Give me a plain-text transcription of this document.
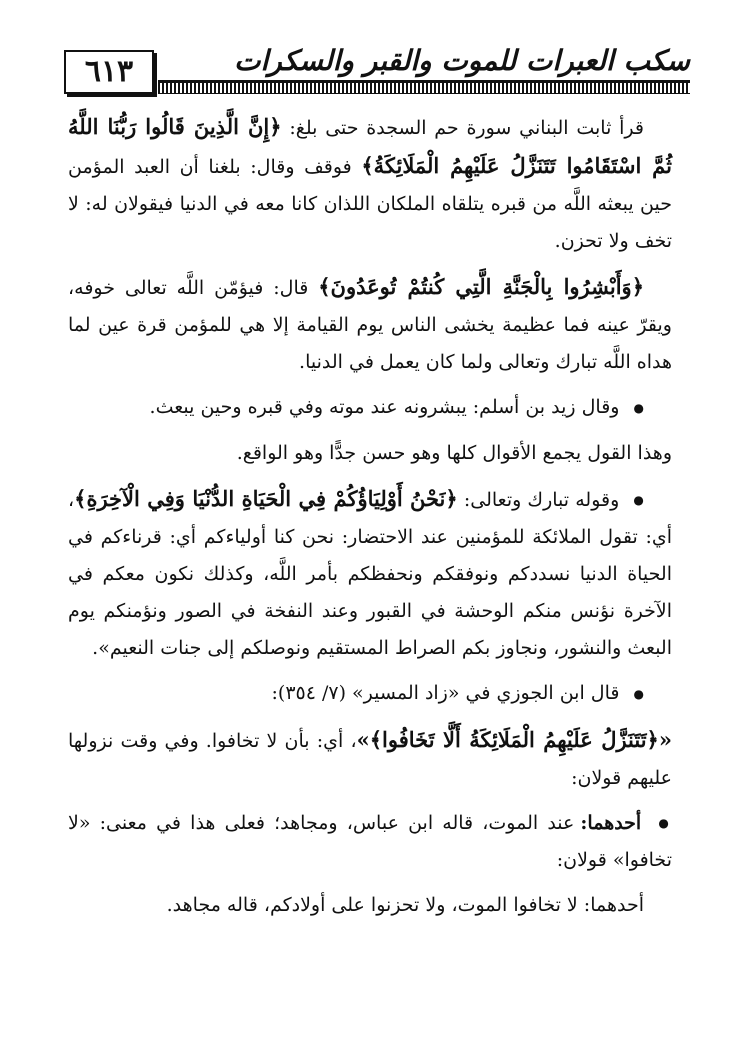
٦١٣	سكب العبرات للموت والقبر والسكرات

قرأ ثابت البناني سورة حم السجدة حتى بلغ: ﴿إِنَّ الَّذِينَ قَالُوا رَبُّنَا اللَّهُ ثُمَّ اسْتَقَامُوا تَتَنَزَّلُ عَلَيْهِمُ الْمَلَائِكَةُ﴾ فوقف وقال: بلغنا أن العبد المؤمن حين يبعثه اللَّه من قبره يتلقاه الملكان اللذان كانا معه في الدنيا فيقولان له: لا تخف ولا تحزن.

﴿وَأَبْشِرُوا بِالْجَنَّةِ الَّتِي كُنتُمْ تُوعَدُونَ﴾ قال: فيؤمّن اللَّه تعالى خوفه، ويقرّ عينه فما عظيمة يخشى الناس يوم القيامة إلا هي للمؤمن قرة عين لما هداه اللَّه تبارك وتعالى ولما كان يعمل في الدنيا.

● وقال زيد بن أسلم: يبشرونه عند موته وفي قبره وحين يبعث.

وهذا القول يجمع الأقوال كلها وهو حسن جدًّا وهو الواقع.

● وقوله تبارك وتعالى: ﴿نَحْنُ أَوْلِيَاؤُكُمْ فِي الْحَيَاةِ الدُّنْيَا وَفِي الْآخِرَةِ﴾، أي: تقول الملائكة للمؤمنين عند الاحتضار: نحن كنا أولياءكم أي: قرناءكم في الحياة الدنيا نسددكم ونوفقكم ونحفظكم بأمر اللَّه، وكذلك نكون معكم في الآخرة نؤنس منكم الوحشة في القبور وعند النفخة في الصور ونؤمنكم يوم البعث والنشور، ونجاوز بكم الصراط المستقيم ونوصلكم إلى جنات النعيم».

● قال ابن الجوزي في «زاد المسير» (٧/ ٣٥٤):

«﴿تَتَنَزَّلُ عَلَيْهِمُ الْمَلَائِكَةُ أَلَّا تَخَافُوا﴾»، أي: بأن لا تخافوا. وفي وقت نزولها عليهم قولان:

● أحدهما: عند الموت، قاله ابن عباس، ومجاهد؛ فعلى هذا في معنى: «لا تخافوا» قولان:

أحدهما: لا تخافوا الموت، ولا تحزنوا على أولادكم، قاله مجاهد.
